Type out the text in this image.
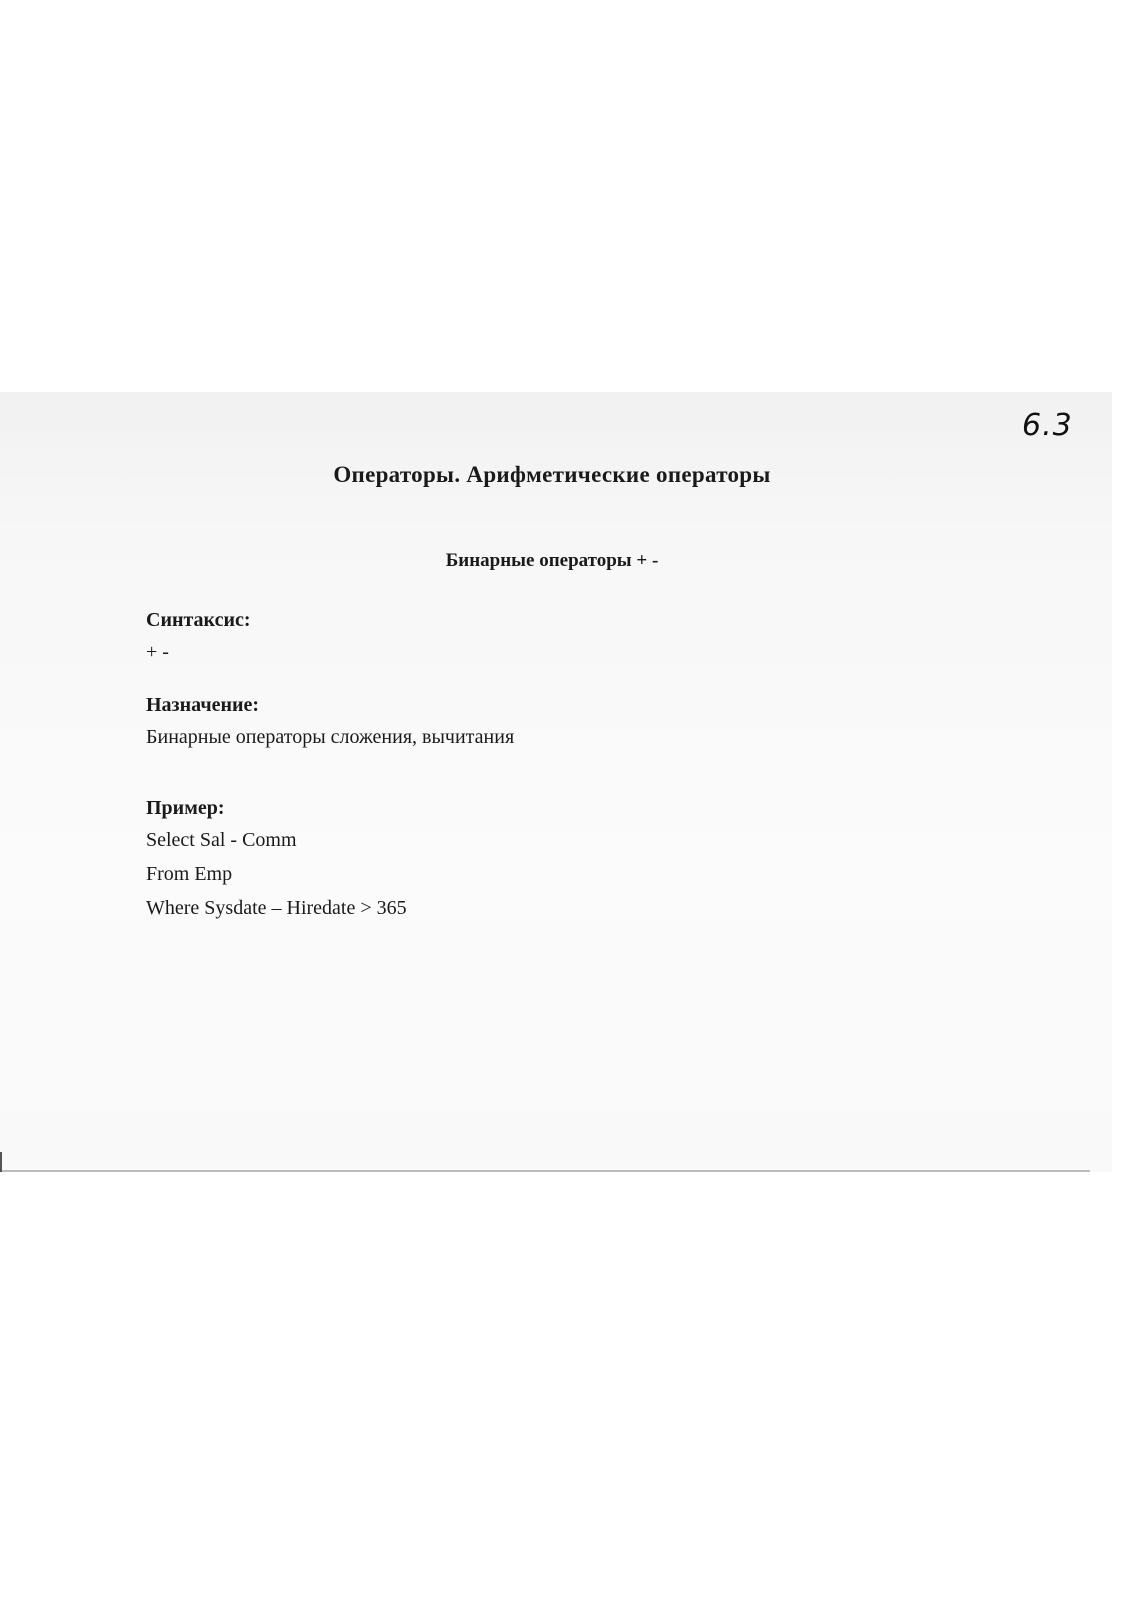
6.3
Операторы. Арифметические операторы
Бинарные операторы + -

Синтаксис:

+ -

Назначение:

Бинарные операторы сложения, вычитания

Пример:

Select Sal - Comm

From Emp

Where Sysdate – Hiredate > 365
